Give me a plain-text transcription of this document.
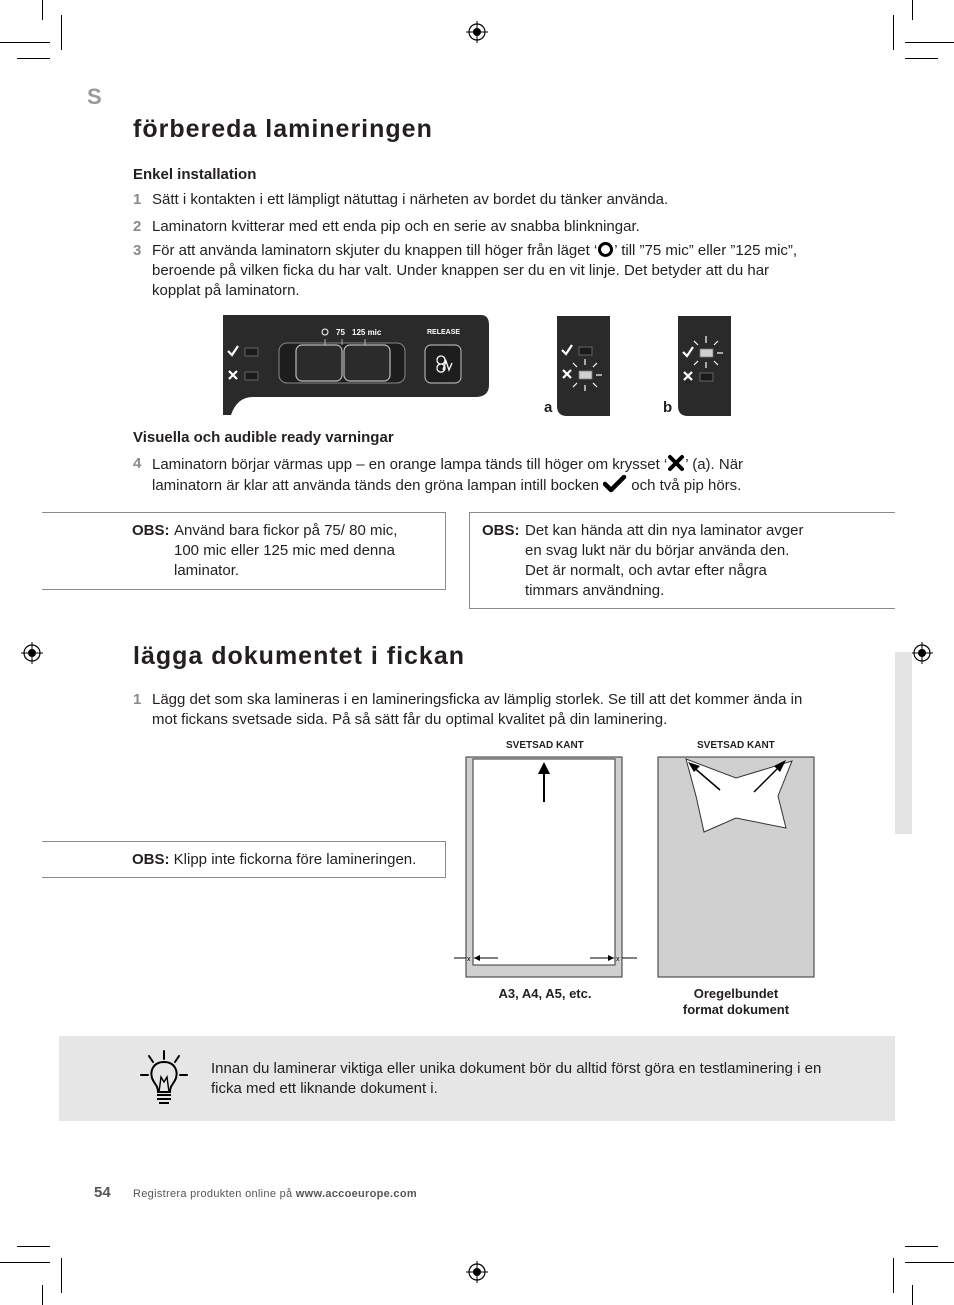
S
förbereda lamineringen
Enkel installation
1 Sätt i kontakten i ett lämpligt nätuttag i närheten av bordet du tänker använda.
2 Laminatorn kvitterar med ett enda pip och en serie av snabba blinkningar.
3 För att använda laminatorn skjuter du knappen till höger från läget ‘ ’ till ”75 mic” eller ”125 mic”, beroende på vilken ficka du har valt. Under knappen ser du en vit linje. Det betyder att du har kopplat på laminatorn.
75 125 mic	RELEASE
a	b
Visuella och audible ready varningar
4 Laminatorn börjar värmas upp – en orange lampa tänds till höger om krysset ‘ ’ (a). När laminatorn är klar att använda tänds den gröna lampan intill bocken  och två pip hörs.
OBS: Använd bara fickor på 75/ 80 mic, 100 mic eller 125 mic med denna laminator.
OBS: Det kan hända att din nya laminator avger en svag lukt när du börjar använda den. Det är normalt, och avtar efter några timmars användning.
lägga dokumentet i fickan
1 Lägg det som ska lamineras i en lamineringsficka av lämplig storlek. Se till att det kommer ända in mot fickans svetsade sida. På så sätt får du optimal kvalitet på din laminering.
OBS: Klipp inte fickorna före lamineringen.
SVETSAD KANT	SVETSAD KANT
x	x
A3, A4, A5, etc.	Oregelbundet
format dokument
Innan du laminerar viktiga eller unika dokument bör du alltid först göra en testlaminering i en ficka med ett liknande dokument i.
54 Registrera produkten online på www.accoeurope.com
